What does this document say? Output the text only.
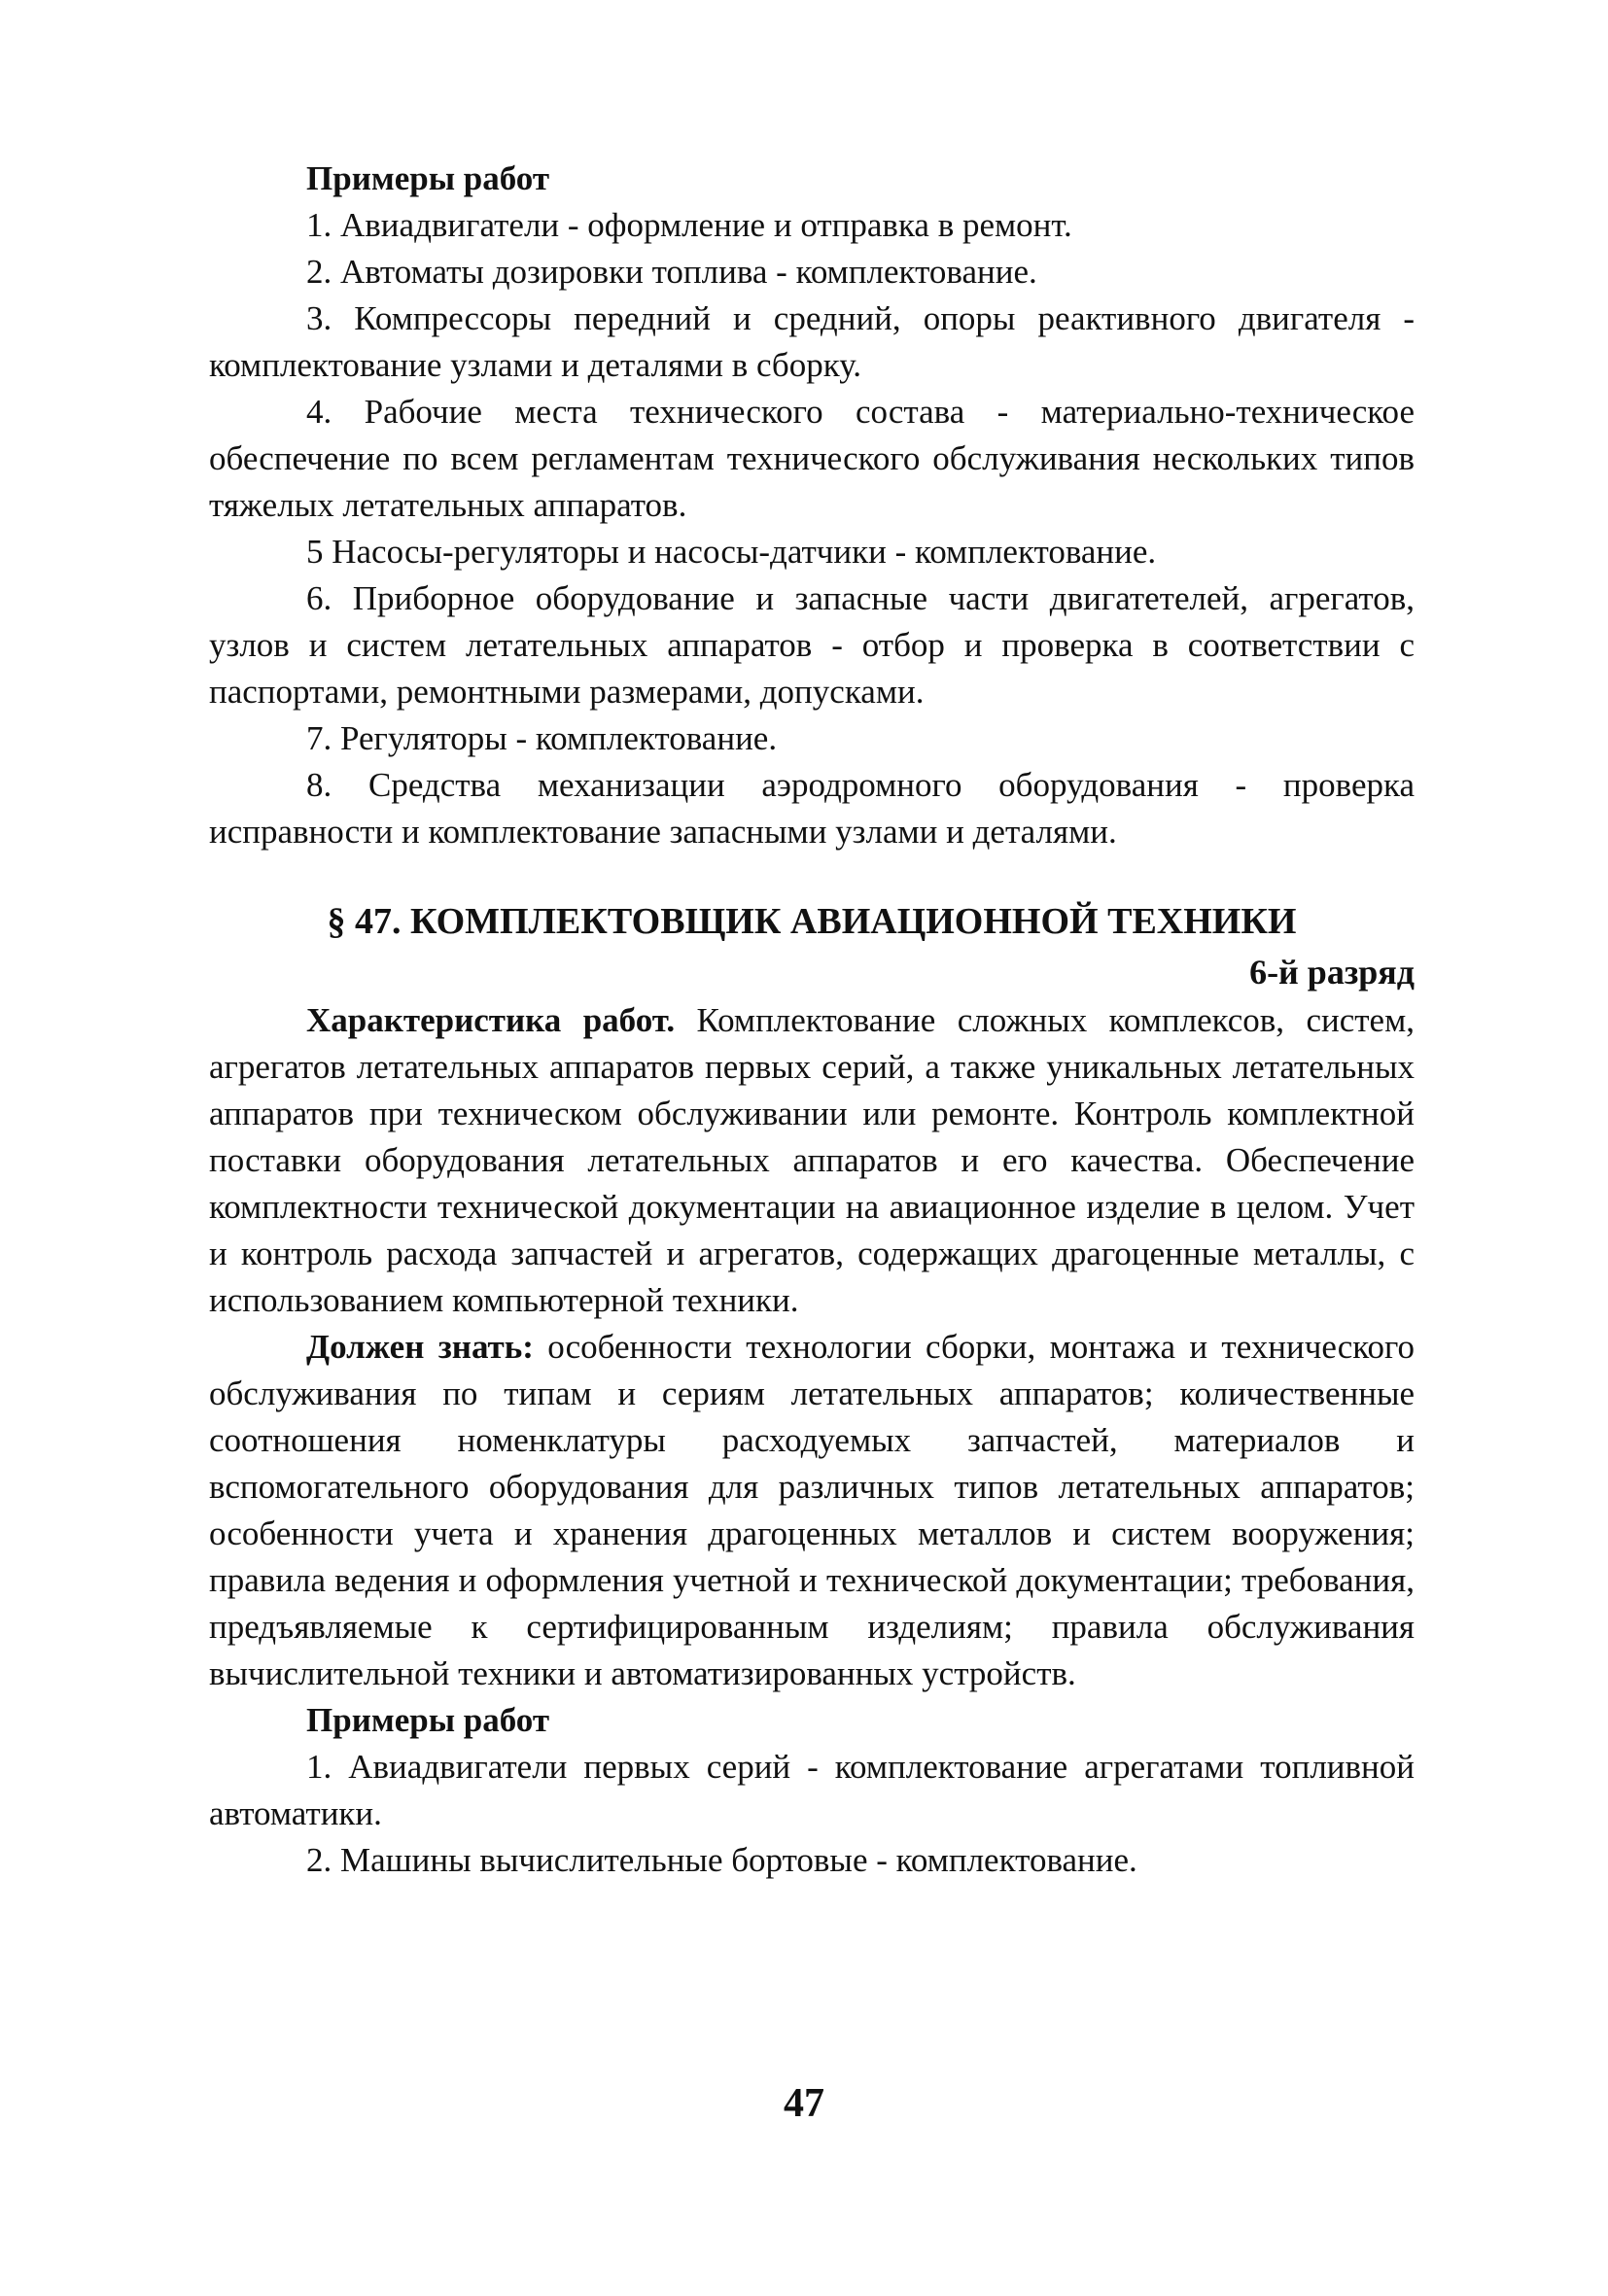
Примеры работ

1. Авиадвигатели - оформление и отправка в ремонт.

2. Автоматы дозировки топлива - комплектование.

3. Компрессоры передний и средний, опоры реактивного двигателя - комплектование узлами и деталями в сборку.

4. Рабочие места технического состава - материально-техническое обеспечение по всем регламентам технического обслуживания нескольких типов тяжелых летательных аппаратов.

5 Насосы-регуляторы и насосы-датчики - комплектование.

6. Приборное оборудование и запасные части двигатетелей, агрегатов, узлов и систем летательных аппаратов - отбор и проверка в соответствии с паспортами, ремонтными размерами, допусками.

7. Регуляторы - комплектование.

8. Средства механизации аэродромного оборудования - проверка исправности и комплектование запасными узлами и деталями.

§ 47. КОМПЛЕКТОВЩИК АВИАЦИОННОЙ ТЕХНИКИ

6-й разряд

Характеристика работ. Комплектование сложных комплексов, систем, агрегатов летательных аппаратов первых серий, а также уникальных летательных аппаратов при техническом обслуживании или ремонте. Контроль комплектной поставки оборудования летательных аппаратов и его качества. Обеспечение комплектности технической документации на авиационное изделие в целом. Учет и контроль расхода запчастей и агрегатов, содержащих драгоценные металлы, с использованием компьютерной техники.

Должен знать: особенности технологии сборки, монтажа и технического обслуживания по типам и сериям летательных аппаратов; количественные соотношения номенклатуры расходуемых запчастей, материалов и вспомогательного оборудования для различных типов летательных аппаратов; особенности учета и хранения драгоценных металлов и систем вооружения; правила ведения и оформления учетной и технической документации; требования, предъявляемые к сертифицированным изделиям; правила обслуживания вычислительной техники и автоматизированных устройств.

Примеры работ

1. Авиадвигатели первых серий - комплектование агрегатами топливной автоматики.

2. Машины вычислительные бортовые - комплектование.

47
